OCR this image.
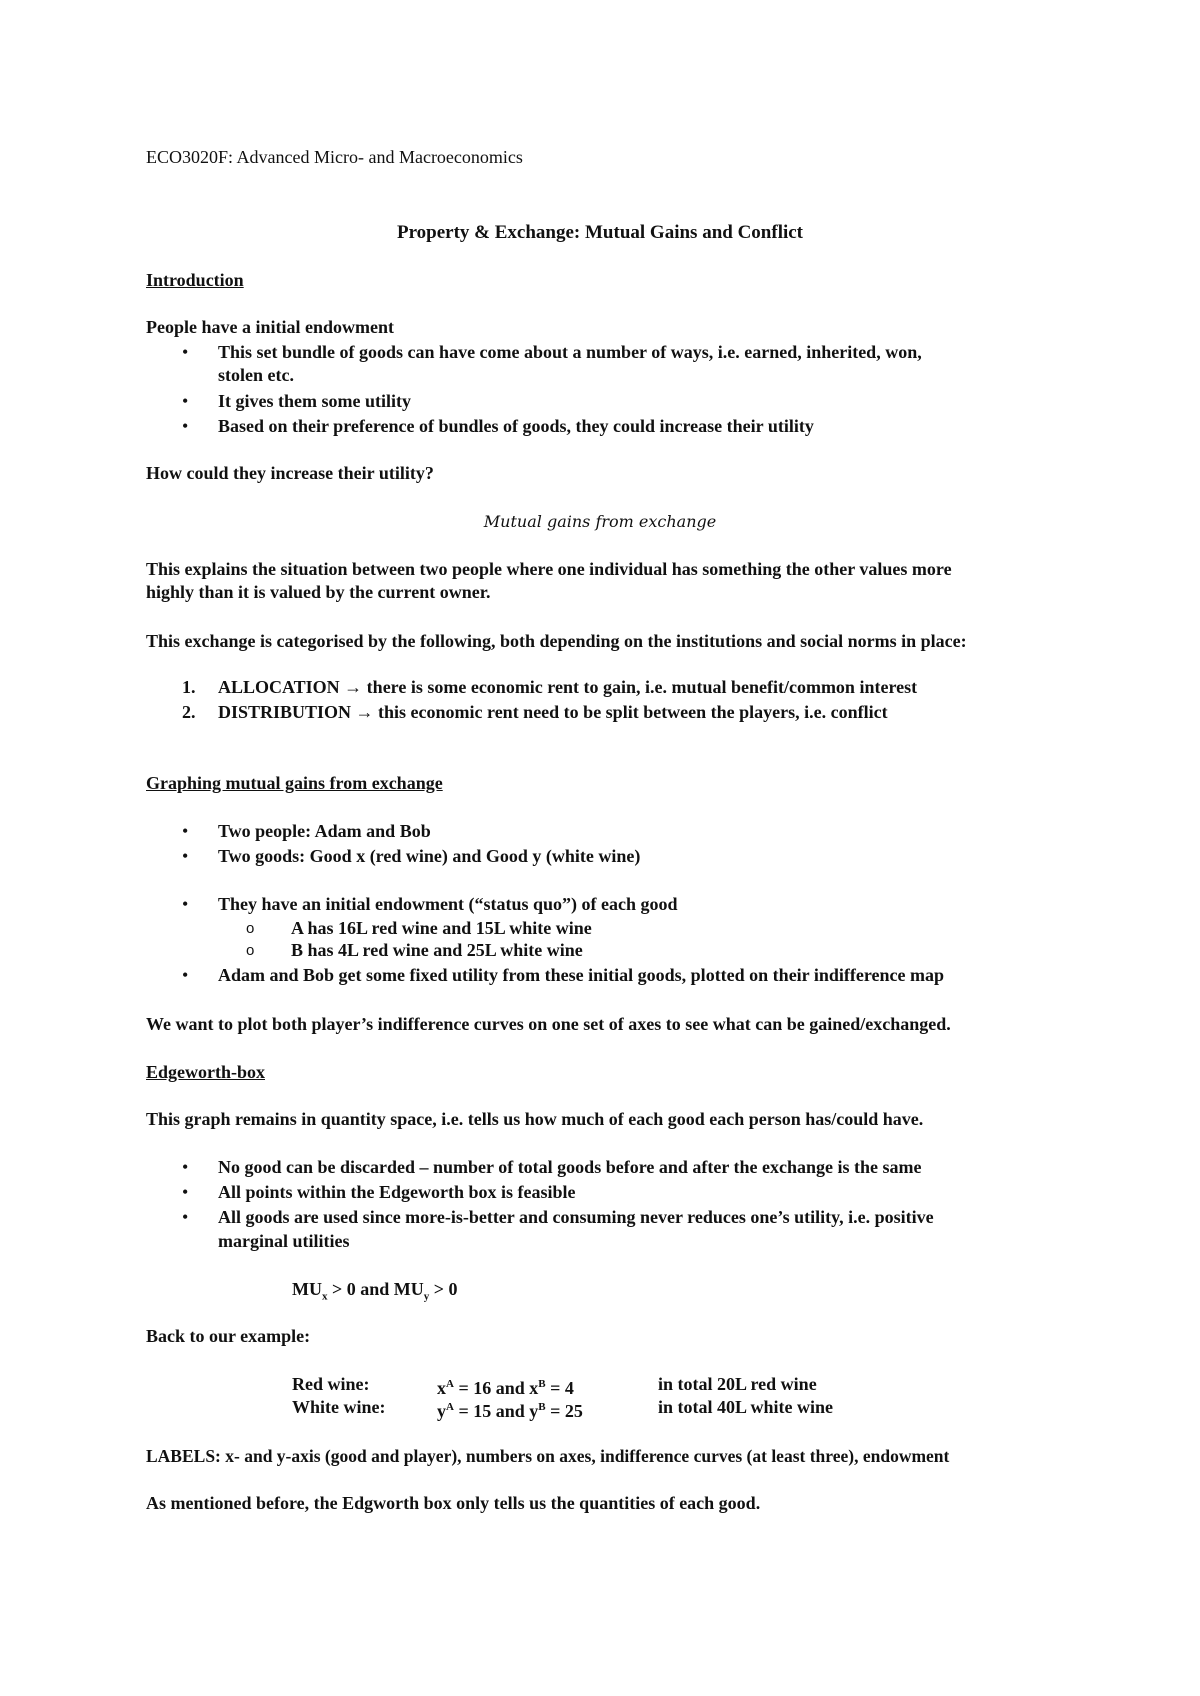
ECO3020F: Advanced Micro- and Macroeconomics
Property & Exchange: Mutual Gains and Conflict
Introduction
People have a initial endowment
•	This set bundle of goods can have come about a number of ways, i.e. earned, inherited, won,
stolen etc.
•	It gives them some utility
•	Based on their preference of bundles of goods, they could increase their utility
How could they increase their utility?
Mutual gains from exchange
This explains the situation between two people where one individual has something the other values more
highly than it is valued by the current owner.
This exchange is categorised by the following, both depending on the institutions and social norms in place:
1. ALLOCATION → there is some economic rent to gain, i.e. mutual benefit/common interest
2. DISTRIBUTION → this economic rent need to be split between the players, i.e. conflict
Graphing mutual gains from exchange
•	Two people: Adam and Bob
•	Two goods: Good x (red wine) and Good y (white wine)
•	They have an initial endowment (“status quo”) of each good
o A has 16L red wine and 15L white wine
o B has 4L red wine and 25L white wine
•	Adam and Bob get some fixed utility from these initial goods, plotted on their indifference map
We want to plot both player’s indifference curves on one set of axes to see what can be gained/exchanged.
Edgeworth-box
This graph remains in quantity space, i.e. tells us how much of each good each person has/could have.
•	No good can be discarded – number of total goods before and after the exchange is the same
•	All points within the Edgeworth box is feasible
•	All goods are used since more-is-better and consuming never reduces one’s utility, i.e. positive
marginal utilities
$MU_x > 0$ and $MU_y > 0$
Back to our example:
Red wine:	$x^A = 16$ and $x^B = 4$	in total 20L red wine
White wine:	$y^A = 15$ and $y^B = 25$	in total 40L white wine
LABELS: x- and y-axis (good and player), numbers on axes, indifference curves (at least three), endowment
As mentioned before, the Edgworth box only tells us the quantities of each good.
